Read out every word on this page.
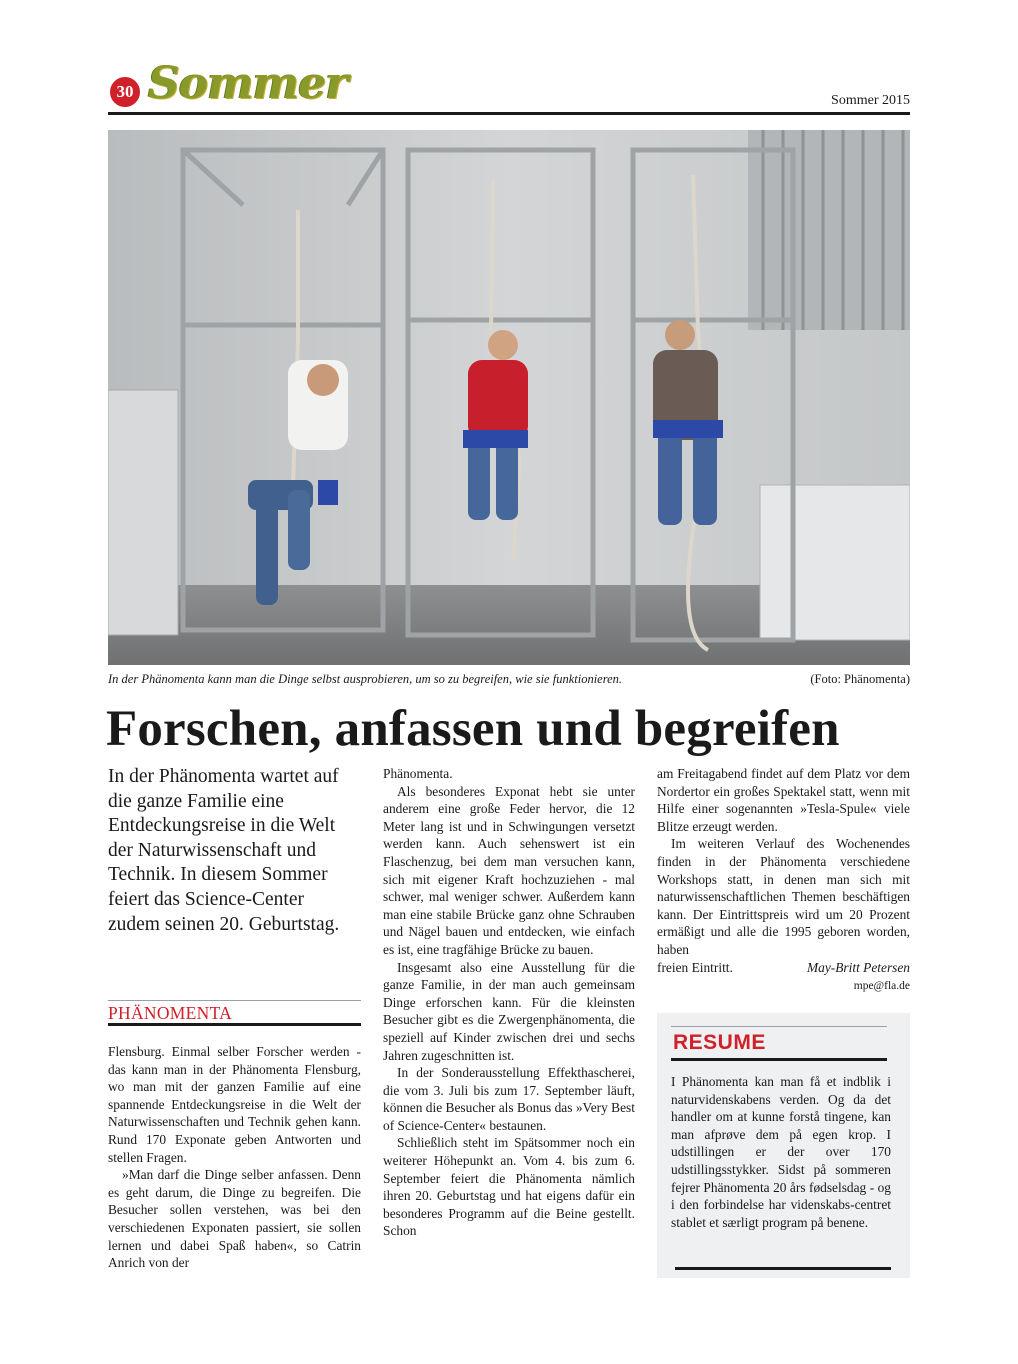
30 Sommer	Sommer 2015
In der Phänomenta kann man die Dinge selbst ausprobieren, um so zu begreifen, wie sie funktionieren.	(Foto: Phänomenta)
Forschen, anfassen und begreifen
In der Phänomenta wartet auf die ganze Familie eine Entdeckungsreise in die Welt der Naturwissenschaft und Technik. In diesem Sommer feiert das Science-Center zudem seinen 20. Geburtstag.
PHÄNOMENTA

Flensburg. Einmal selber Forscher werden - das kann man in der Phänomenta Flensburg, wo man mit der ganzen Familie auf eine spannende Entdeckungsreise in die Welt der Naturwissenschaften und Technik gehen kann. Rund 170 Exponate geben Antworten und stellen Fragen.

»Man darf die Dinge selber anfassen. Denn es geht darum, die Dinge zu begreifen. Die Besucher sollen verstehen, was bei den verschiedenen Exponaten passiert, sie sollen lernen und dabei Spaß haben«, so Catrin Anrich von der

Phänomenta.

Als besonderes Exponat hebt sie unter anderem eine große Feder hervor, die 12 Meter lang ist und in Schwingungen versetzt werden kann. Auch sehenswert ist ein Flaschenzug, bei dem man versuchen kann, sich mit eigener Kraft hochzuziehen - mal schwer, mal weniger schwer. Außerdem kann man eine stabile Brücke ganz ohne Schrauben und Nägel bauen und entdecken, wie einfach es ist, eine tragfähige Brücke zu bauen.

Insgesamt also eine Ausstellung für die ganze Familie, in der man auch gemeinsam Dinge erforschen kann. Für die kleinsten Besucher gibt es die Zwergenphänomenta, die speziell auf Kinder zwischen drei und sechs Jahren zugeschnitten ist.

In der Sonderausstellung Effekthascherei, die vom 3. Juli bis zum 17. September läuft, können die Besucher als Bonus das »Very Best of Science-Center« bestaunen.

Schließlich steht im Spätsommer noch ein weiterer Höhepunkt an. Vom 4. bis zum 6. September feiert die Phänomenta nämlich ihren 20. Geburtstag und hat eigens dafür ein besonderes Programm auf die Beine gestellt. Schon

am Freitagabend findet auf dem Platz vor dem Nordertor ein großes Spektakel statt, wenn mit Hilfe einer sogenannten »Tesla-Spule« viele Blitze erzeugt werden.

Im weiteren Verlauf des Wochenendes finden in der Phänomenta verschiedene Workshops statt, in denen man sich mit naturwissenschaftlichen Themen beschäftigen kann. Der Eintrittspreis wird um 20 Prozent ermäßigt und alle die 1995 geboren worden, haben

freien Eintritt.	May-Britt Petersen
mpe@fla.de
RESUME
I Phänomenta kan man få et indblik i naturvidenskabens verden. Og da det handler om at kunne forstå tingene, kan man afprøve dem på egen krop. I udstillingen er der over 170 udstillingsstykker. Sidst på sommeren fejrer Phänomenta 20 års fødselsdag - og i den forbindelse har videnskabs-centret stablet et særligt program på benene.
